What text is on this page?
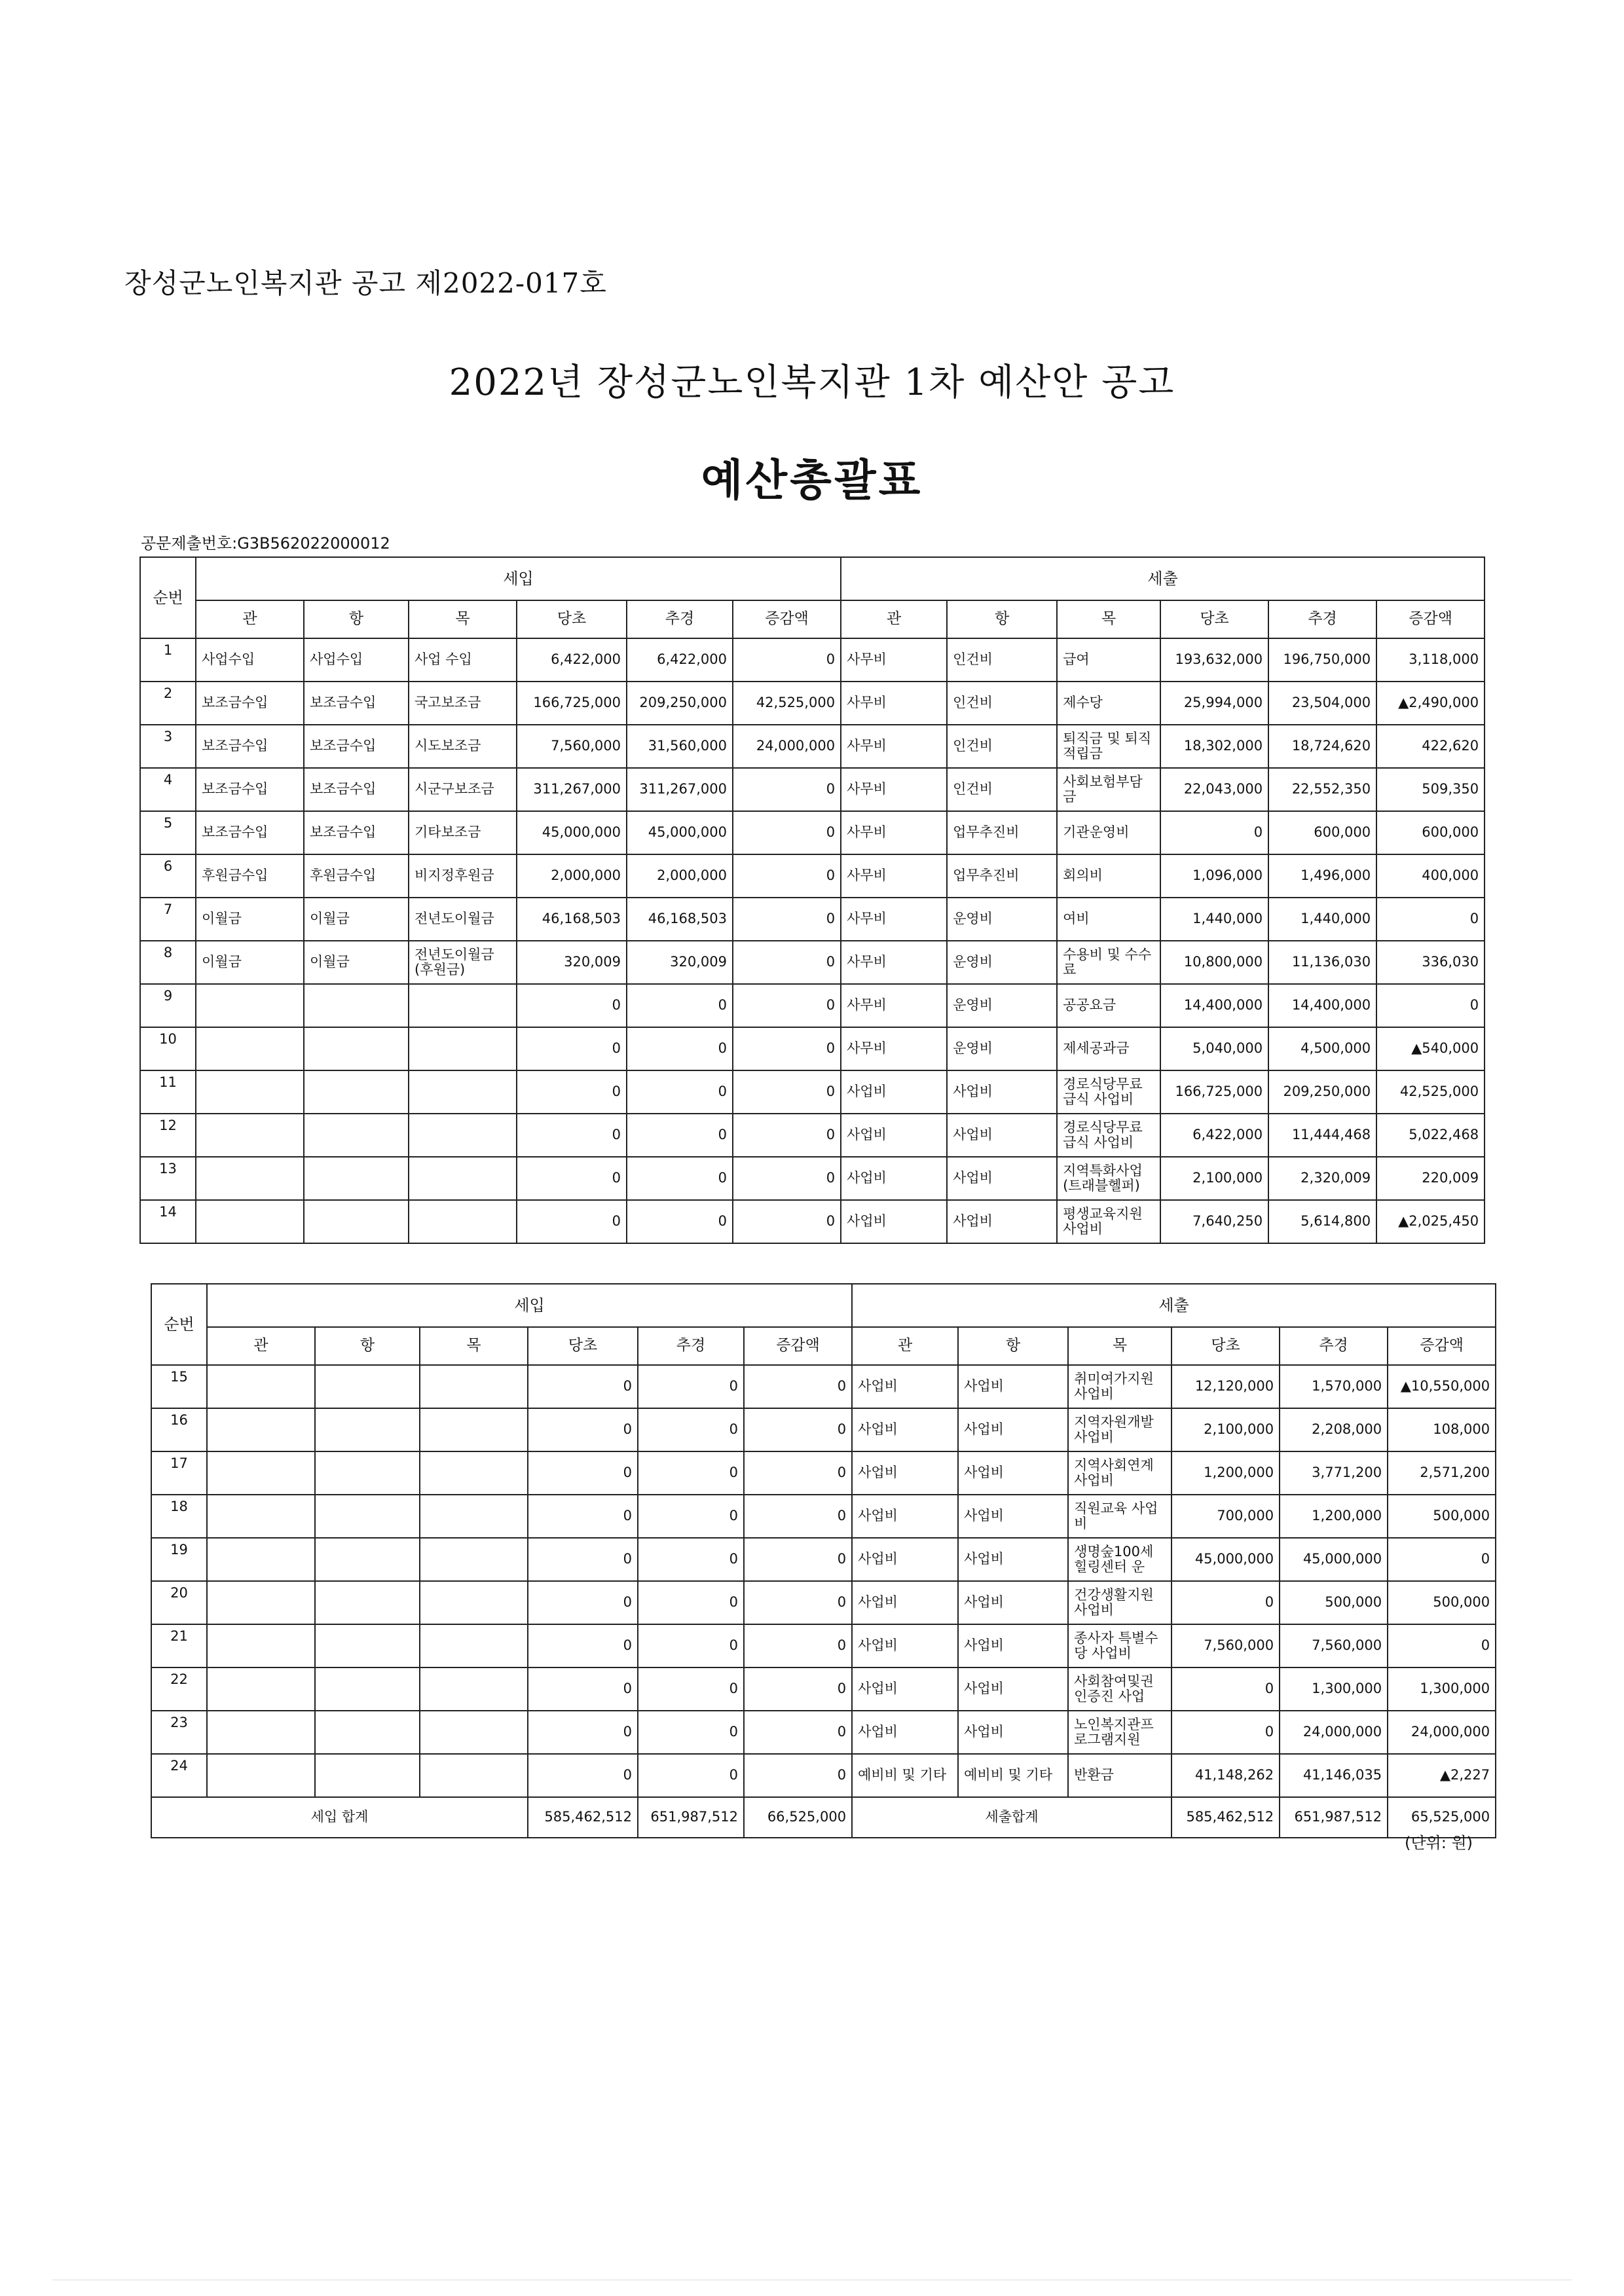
장성군노인복지관 공고 제2022-017호
2022년 장성군노인복지관 1차 예산안 공고
예산총괄표
공문제출번호:G3B562022000012
순번	세입						세출					
	관	항	목	당초	추경	증감액	관	항	목	당초	추경	증감액
1	사업수입	사업수입	사업 수입	6,422,000	6,422,000	0	사무비	인건비	급여	193,632,000	196,750,000	3,118,000
2	보조금수입	보조금수입	국고보조금	166,725,000	209,250,000	42,525,000	사무비	인건비	제수당	25,994,000	23,504,000	▲2,490,000
3	보조금수입	보조금수입	시도보조금	7,560,000	31,560,000	24,000,000	사무비	인건비	퇴직금 및 퇴직적립금	18,302,000	18,724,620	422,620
4	보조금수입	보조금수입	시군구보조금	311,267,000	311,267,000	0	사무비	인건비	사회보험부담금	22,043,000	22,552,350	509,350
5	보조금수입	보조금수입	기타보조금	45,000,000	45,000,000	0	사무비	업무추진비	기관운영비	0	600,000	600,000
6	후원금수입	후원금수입	비지정후원금	2,000,000	2,000,000	0	사무비	업무추진비	회의비	1,096,000	1,496,000	400,000
7	이월금	이월금	전년도이월금	46,168,503	46,168,503	0	사무비	운영비	여비	1,440,000	1,440,000	0
8	이월금	이월금	전년도이월금 (후원금)	320,009	320,009	0	사무비	운영비	수용비 및 수수료	10,800,000	11,136,030	336,030
9				0	0	0	사무비	운영비	공공요금	14,400,000	14,400,000	0
10				0	0	0	사무비	운영비	제세공과금	5,040,000	4,500,000	▲540,000
11				0	0	0	사업비	사업비	경로식당무료급식 사업비	166,725,000	209,250,000	42,525,000
12				0	0	0	사업비	사업비	경로식당무료급식 사업비	6,422,000	11,444,468	5,022,468
13				0	0	0	사업비	사업비	지역특화사업 (트래블헬퍼)	2,100,000	2,320,009	220,009
14				0	0	0	사업비	사업비	평생교육지원사업비	7,640,250	5,614,800	▲2,025,450
순번	세입						세출					
	관	항	목	당초	추경	증감액	관	항	목	당초	추경	증감액
15				0	0	0	사업비	사업비	취미여가지원사업비	12,120,000	1,570,000	▲10,550,000
16				0	0	0	사업비	사업비	지역자원개발사업비	2,100,000	2,208,000	108,000
17				0	0	0	사업비	사업비	지역사회연계사업비	1,200,000	3,771,200	2,571,200
18				0	0	0	사업비	사업비	직원교육 사업비	700,000	1,200,000	500,000
19				0	0	0	사업비	사업비	생명숲100세힐링센터 운	45,000,000	45,000,000	0
20				0	0	0	사업비	사업비	건강생활지원사업비	0	500,000	500,000
21				0	0	0	사업비	사업비	종사자 특별수당 사업비	7,560,000	7,560,000	0
22				0	0	0	사업비	사업비	사회참여및권인증진 사업	0	1,300,000	1,300,000
23				0	0	0	사업비	사업비	노인복지관프로그램지원	0	24,000,000	24,000,000
24				0	0	0	예비비 및 기타	예비비 및 기타	반환금	41,148,262	41,146,035	▲2,227
세입 합계				585,462,512	651,987,512	66,525,000	세출합계			585,462,512	651,987,512	65,525,000
(단위: 원)
